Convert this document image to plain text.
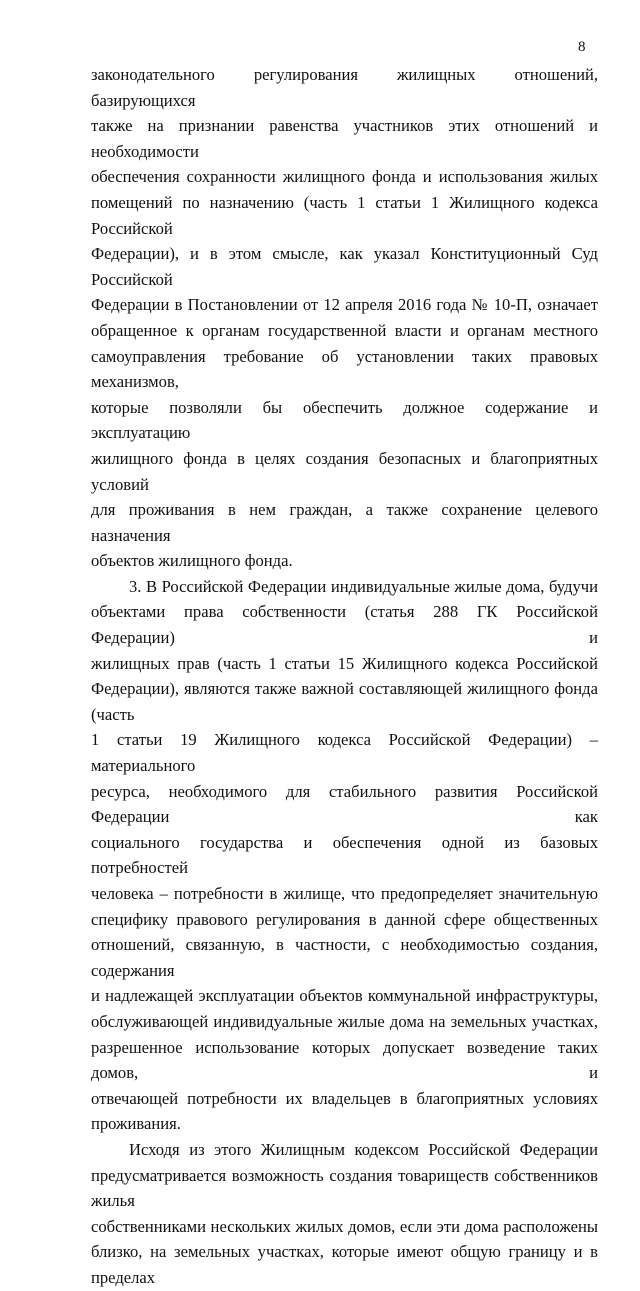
8

законодательного регулирования жилищных отношений, базирующихся
также на признании равенства участников этих отношений и необходимости
обеспечения сохранности жилищного фонда и использования жилых
помещений по назначению (часть 1 статьи 1 Жилищного кодекса Российской
Федерации), и в этом смысле, как указал Конституционный Суд Российской
Федерации в Постановлении от 12 апреля 2016 года № 10-П, означает
обращенное к органам государственной власти и органам местного
самоуправления требование об установлении таких правовых механизмов,
которые позволяли бы обеспечить должное содержание и эксплуатацию
жилищного фонда в целях создания безопасных и благоприятных условий
для проживания в нем граждан, а также сохранение целевого назначения
объектов жилищного фонда.

3. В Российской Федерации индивидуальные жилые дома, будучи
объектами права собственности (статья 288 ГК Российской Федерации) и
жилищных прав (часть 1 статьи 15 Жилищного кодекса Российской
Федерации), являются также важной составляющей жилищного фонда (часть
1 статьи 19 Жилищного кодекса Российской Федерации) – материального
ресурса, необходимого для стабильного развития Российской Федерации как
социального государства и обеспечения одной из базовых потребностей
человека – потребности в жилище, что предопределяет значительную
специфику правового регулирования в данной сфере общественных
отношений, связанную, в частности, с необходимостью создания, содержания
и надлежащей эксплуатации объектов коммунальной инфраструктуры,
обслуживающей индивидуальные жилые дома на земельных участках,
разрешенное использование которых допускает возведение таких домов, и
отвечающей потребности их владельцев в благоприятных условиях
проживания.

Исходя из этого Жилищным кодексом Российской Федерации
предусматривается возможность создания товариществ собственников жилья
собственниками нескольких жилых домов, если эти дома расположены
близко, на земельных участках, которые имеют общую границу и в пределах
